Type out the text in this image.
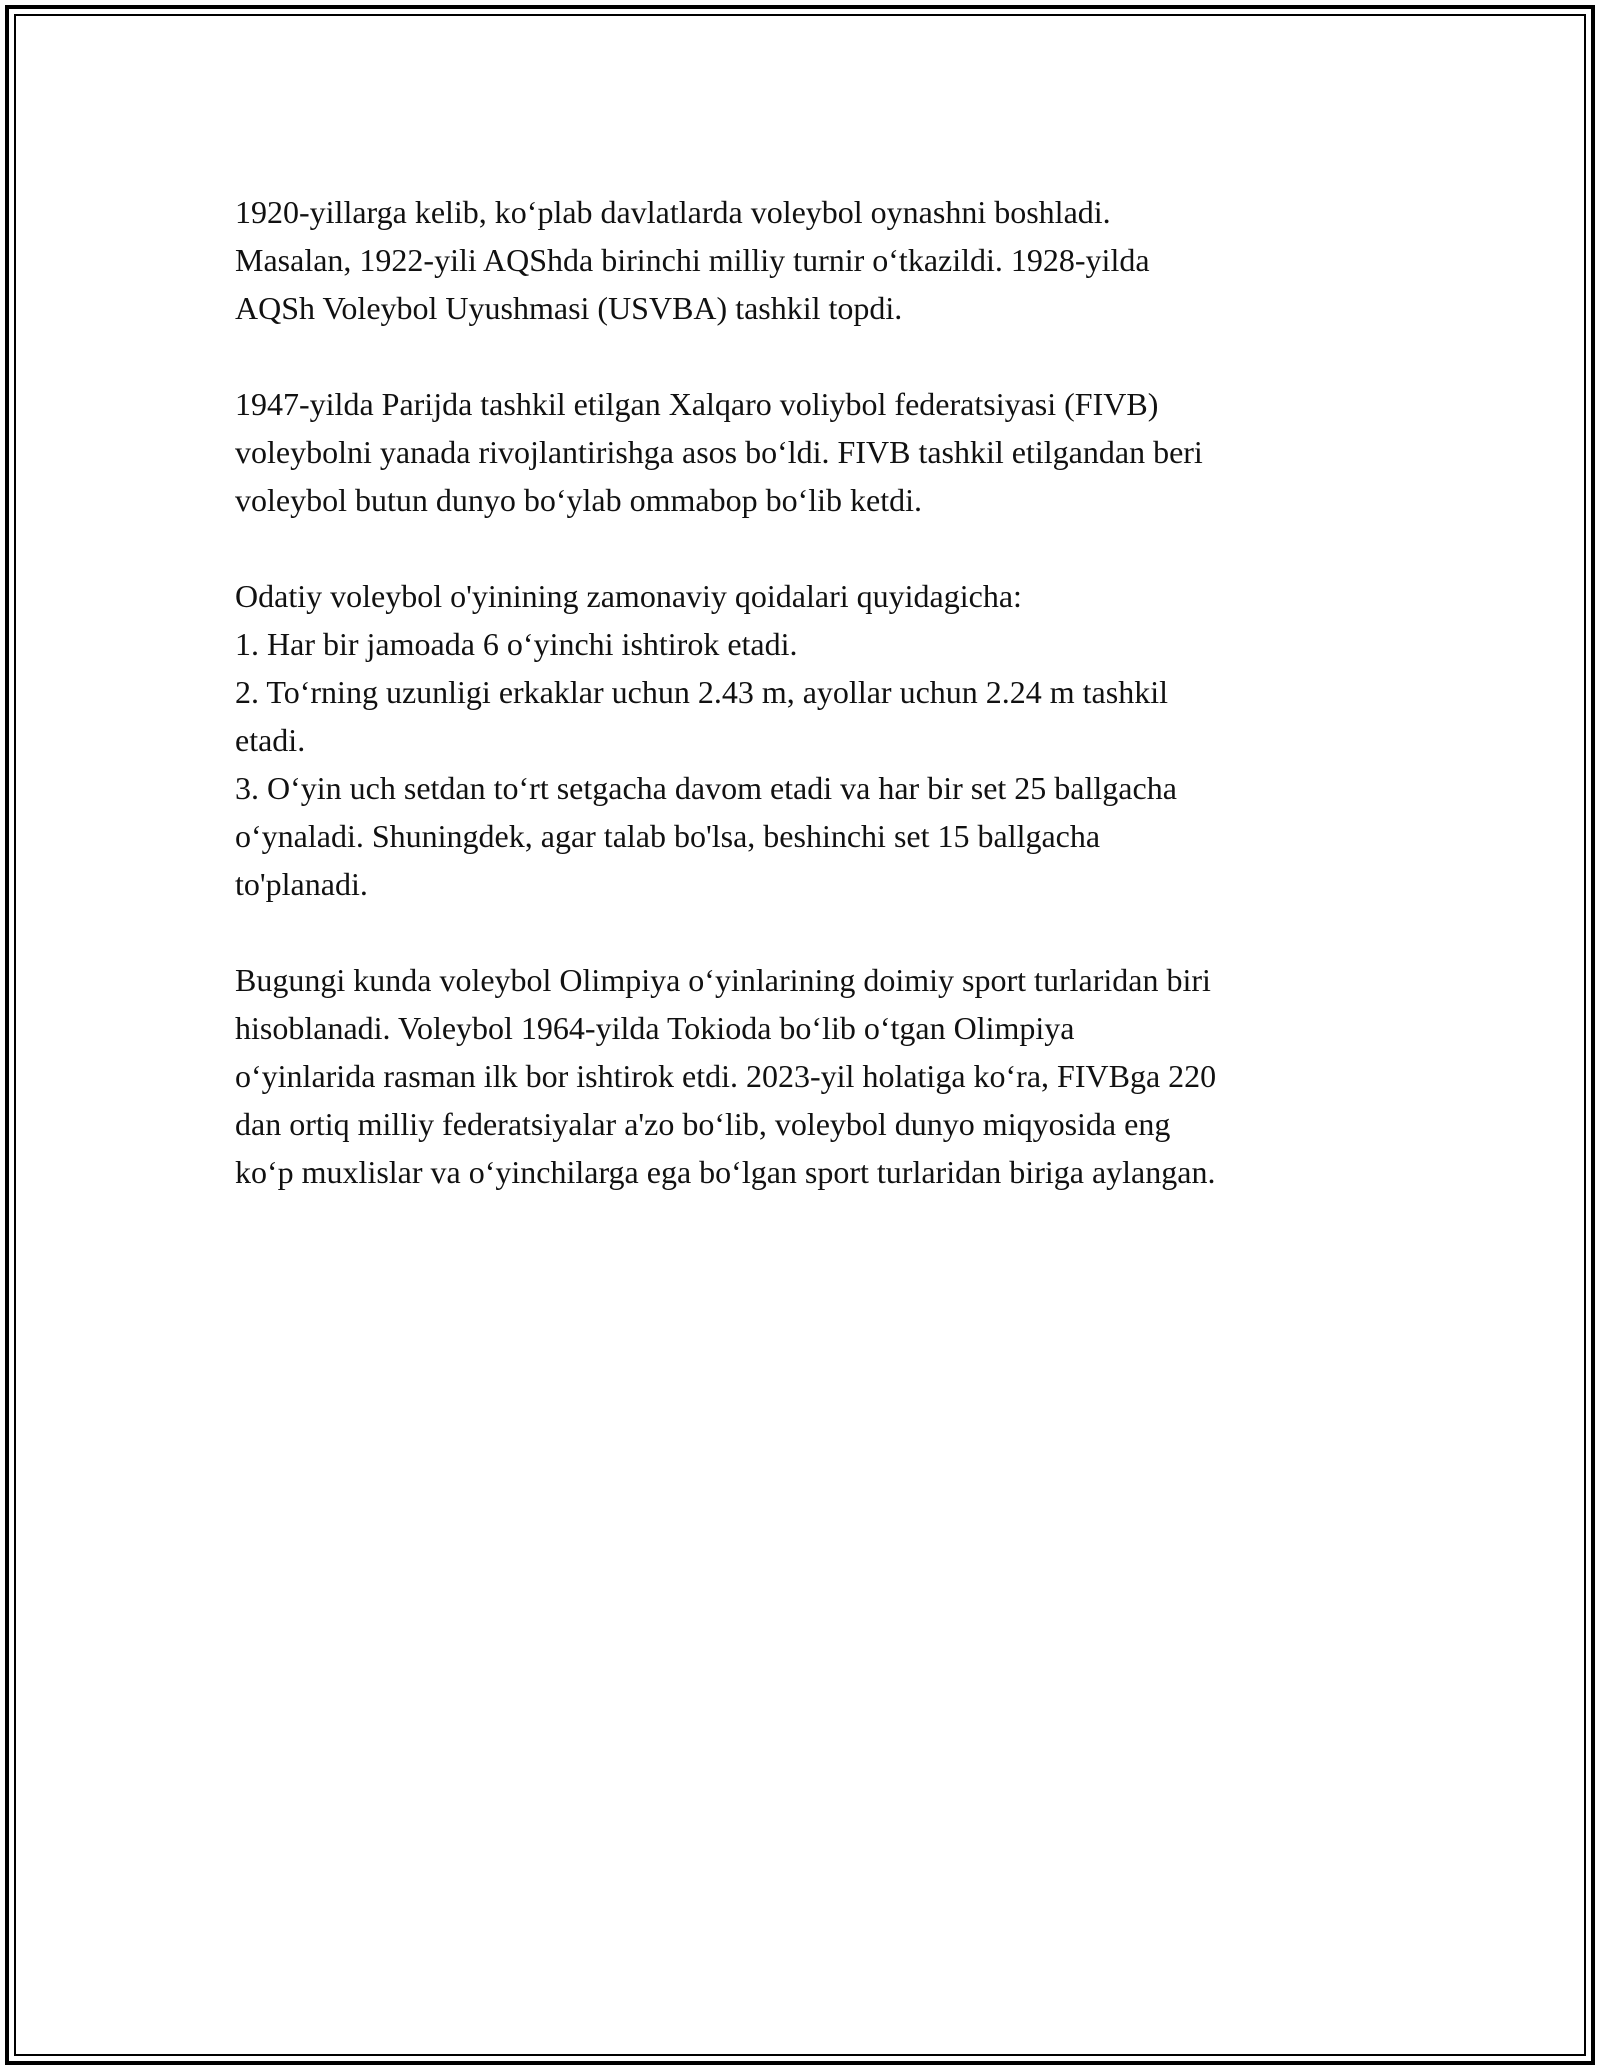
1920-yillarga kelib, ko‘plab davlatlarda voleybol oynashni boshladi.
Masalan, 1922-yili AQShda birinchi milliy turnir o‘tkazildi. 1928-yilda
AQSh Voleybol Uyushmasi (USVBA) tashkil topdi.
1947-yilda Parijda tashkil etilgan Xalqaro voliybol federatsiyasi (FIVB)
voleybolni yanada rivojlantirishga asos bo‘ldi. FIVB tashkil etilgandan beri
voleybol butun dunyo bo‘ylab ommabop bo‘lib ketdi.
Odatiy voleybol o'yinining zamonaviy qoidalari quyidagicha:
1. Har bir jamoada 6 o‘yinchi ishtirok etadi.
2. To‘rning uzunligi erkaklar uchun 2.43 m, ayollar uchun 2.24 m tashkil
etadi.
3. O‘yin uch setdan to‘rt setgacha davom etadi va har bir set 25 ballgacha
o‘ynaladi. Shuningdek, agar talab bo'lsa, beshinchi set 15 ballgacha
to'planadi.
Bugungi kunda voleybol Olimpiya o‘yinlarining doimiy sport turlaridan biri
hisoblanadi. Voleybol 1964-yilda Tokioda bo‘lib o‘tgan Olimpiya
o‘yinlarida rasman ilk bor ishtirok etdi. 2023-yil holatiga ko‘ra, FIVBga 220
dan ortiq milliy federatsiyalar a'zo bo‘lib, voleybol dunyo miqyosida eng
ko‘p muxlislar va o‘yinchilarga ega bo‘lgan sport turlaridan biriga aylangan.
